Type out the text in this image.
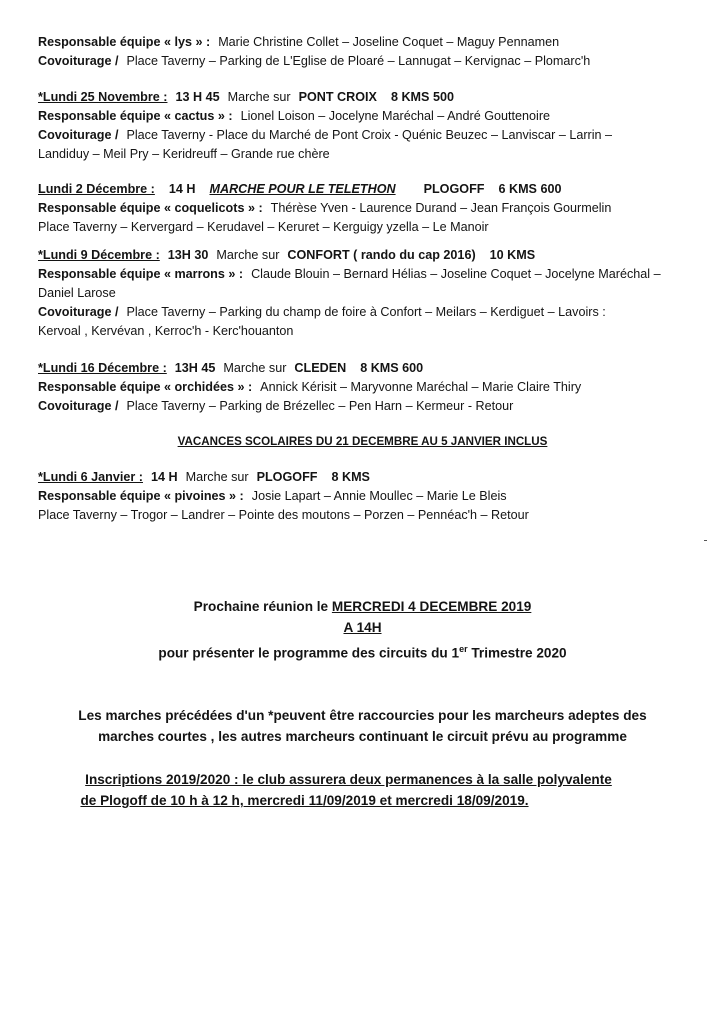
Responsable équipe « lys » : Marie Christine Collet – Joseline Coquet – Maguy Pennamen
Covoiturage / Place Taverny – Parking de L'Eglise de Ploaré – Lannugat – Kervignac – Plomarc'h
*Lundi 25 Novembre : 13 H 45 Marche sur PONT CROIX 8 KMS 500
Responsable équipe « cactus » : Lionel Loison – Jocelyne Maréchal – André Gouttenoire
Covoiturage / Place Taverny - Place du Marché de Pont Croix - Quénic Beuzec – Lanviscar – Larrin –
Landiduy – Meil Pry – Keridreuff – Grande rue chère
Lundi 2 Décembre : 14 H MARCHE POUR LE TELETHON PLOGOFF 6 KMS 600
Responsable équipe « coquelicots » : Thérèse Yven - Laurence Durand – Jean François Gourmelin
Place Taverny – Kervergard – Kerudavel – Keruret – Kerguigy yzella – Le Manoir
*Lundi 9 Décembre : 13H 30 Marche sur CONFORT ( rando du cap 2016) 10 KMS
Responsable équipe « marrons » : Claude Blouin – Bernard Hélias – Joseline Coquet – Jocelyne Maréchal –
Daniel Larose
Covoiturage / Place Taverny – Parking du champ de foire à Confort – Meilars – Kerdiguet – Lavoirs :
Kervoal , Kervévan , Kerroc'h - Kerc'houanton
*Lundi 16 Décembre : 13H 45 Marche sur CLEDEN 8 KMS 600
Responsable équipe « orchidées » : Annick Kérisit – Maryvonne Maréchal – Marie Claire Thiry
Covoiturage / Place Taverny – Parking de Brézellec – Pen Harn – Kermeur - Retour
VACANCES SCOLAIRES DU 21 DECEMBRE AU 5 JANVIER INCLUS
*Lundi 6 Janvier : 14 H Marche sur PLOGOFF 8 KMS
Responsable équipe « pivoines » : Josie Lapart – Annie Moullec – Marie Le Bleis
Place Taverny – Trogor – Landrer – Pointe des moutons – Porzen – Pennéac'h – Retour
Prochaine réunion le MERCREDI 4 DECEMBRE 2019
A 14H
pour présenter le programme des circuits du 1er Trimestre 2020
Les marches précédées d'un *peuvent être raccourcies pour les marcheurs adeptes des
marches courtes , les autres marcheurs continuant le circuit prévu au programme
Inscriptions 2019/2020 : le club assurera deux permanences à la salle polyvalente
de Plogoff de 10 h à 12 h, mercredi 11/09/2019 et mercredi 18/09/2019.
